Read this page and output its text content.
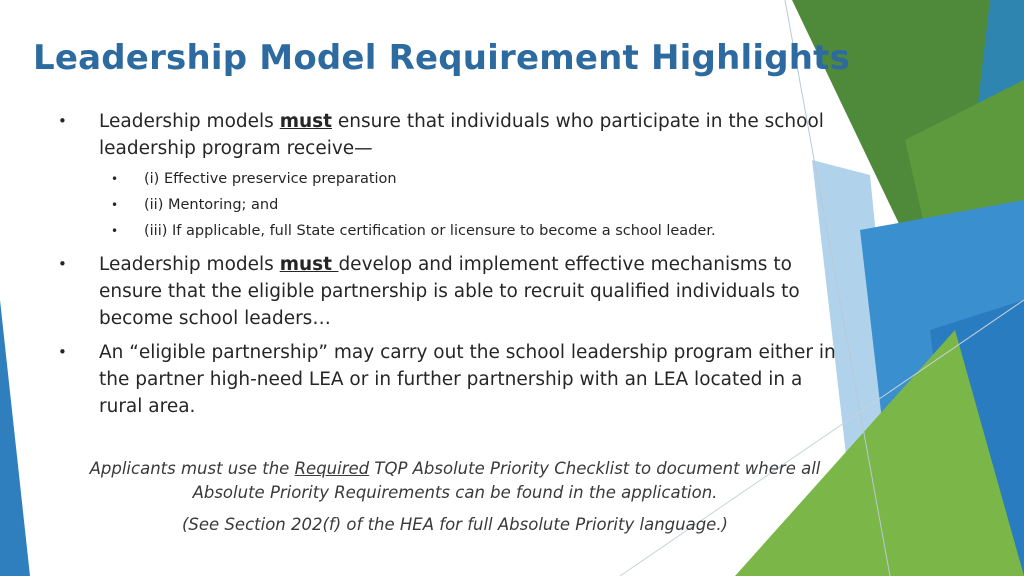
Leadership Model Requirement Highlights
• Leadership models must ensure that individuals who participate in the school leadership program receive—
• (i) Effective preservice preparation
• (ii) Mentoring; and
• (iii) If applicable, full State certification or licensure to become a school leader.
• Leadership models must develop and implement effective mechanisms to ensure that the eligible partnership is able to recruit qualified individuals to become school leaders…
• An “eligible partnership” may carry out the school leadership program either in the partner high-need LEA or in further partnership with an LEA located in a rural area.
Applicants must use the Required TQP Absolute Priority Checklist to document where all Absolute Priority Requirements can be found in the application.
(See Section 202(f) of the HEA for full Absolute Priority language.)
